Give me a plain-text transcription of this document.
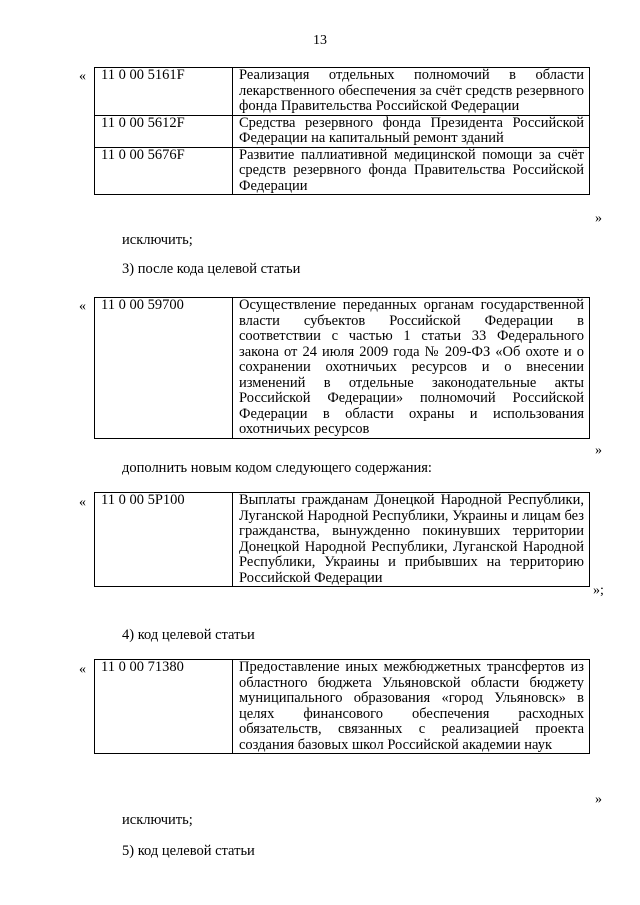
13
« 11 0 00 5161F	Реализация отдельных полномочий в области лекарственного обеспечения за счёт средств резервного фонда Правительства Российской Федерации
11 0 00 5612F	Средства резервного фонда Президента Российской Федерации на капитальный ремонт зданий
11 0 00 5676F	Развитие паллиативной медицинской помощи за счёт средств резервного фонда Правительства Российской Федерации
»
исключить;
3) после кода целевой статьи
« 11 0 00 59700	Осуществление переданных органам государственной власти субъектов Российской Федерации в соответствии с частью 1 статьи 33 Федерального закона от 24 июля 2009 года № 209-ФЗ «Об охоте и о сохранении охотничьих ресурсов и о внесении изменений в отдельные законодательные акты Российской Федерации» полномочий Российской Федерации в области охраны и использования охотничьих ресурсов
»
дополнить новым кодом следующего содержания:
« 11 0 00 5Р100	Выплаты гражданам Донецкой Народной Республики, Луганской Народной Республики, Украины и лицам без гражданства, вынужденно покинувших территории Донецкой Народной Республики, Луганской Народной Республики, Украины и прибывших на территорию Российской Федерации
»;
4) код целевой статьи
« 11 0 00 71380	Предоставление иных межбюджетных трансфертов из областного бюджета Ульяновской области бюджету муниципального образования «город Ульяновск» в целях финансового обеспечения расходных обязательств, связанных с реализацией проекта создания базовых школ Российской академии наук
»
исключить;
5) код целевой статьи
